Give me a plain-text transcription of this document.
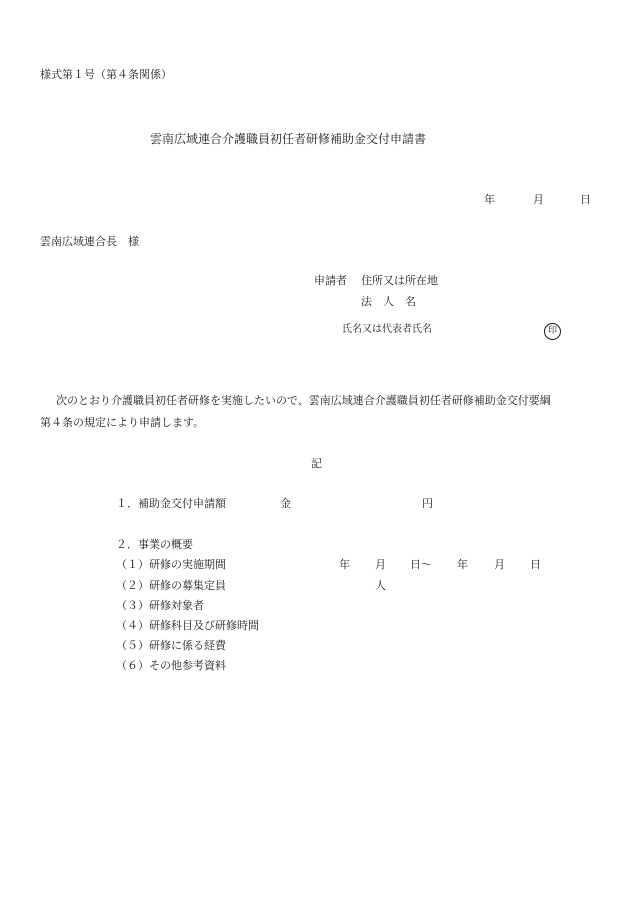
様式第１号（第４条関係）
雲南広域連合介護職員初任者研修補助金交付申請書
年	月	日
雲南広域連合長　様
申請者 住所又は所在地
法　人　名
氏名又は代表者氏名	印
次のとおり介護職員初任者研修を実施したいので、雲南広域連合介護職員初任者研修補助金交付要綱
第４条の規定により申請します。
記
１．補助金交付申請額	金	円
２．事業の概要
（１）研修の実施期間	年 月 日～ 年 月 日
（２）研修の募集定員	人
（３）研修対象者
（４）研修科目及び研修時間
（５）研修に係る経費
（６）その他参考資料
